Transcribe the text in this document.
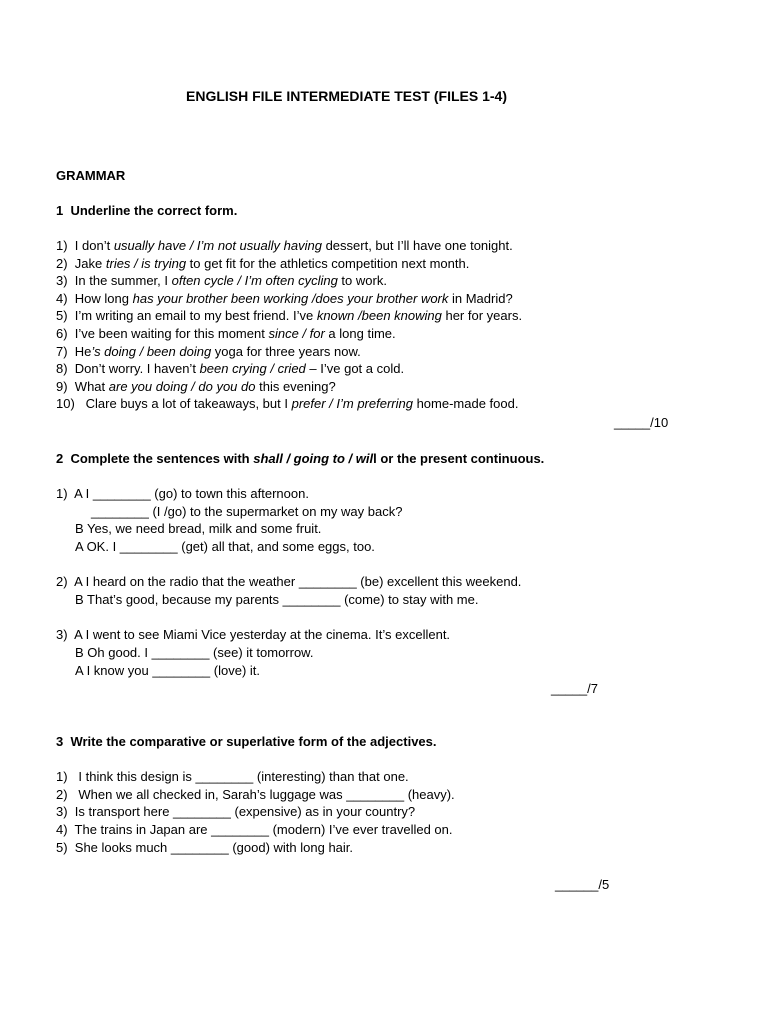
ENGLISH FILE INTERMEDIATE TEST (FILES 1-4)
GRAMMAR
1  Underline the correct form.
1) I don’t usually have / I’m not usually having dessert, but I’ll have one tonight.
2) Jake tries / is trying to get fit for the athletics competition next month.
3) In the summer, I often cycle / I’m often cycling to work.
4) How long has your brother been working /does your brother work in Madrid?
5) I’m writing an email to my best friend. I’ve known /been knowing her for years.
6) I’ve been waiting for this moment since / for a long time.
7) He’s doing / been doing yoga for three years now.
8) Don’t worry. I haven’t been crying / cried – I’ve got a cold.
9) What are you doing / do you do this evening?
10)   Clare buys a lot of takeaways, but I prefer / I’m preferring home-made food.
_____/10
2  Complete the sentences with shall / going to / will or the present continuous.
1)  A I ________ (go) to town this afternoon.
________ (I /go) to the supermarket on my way back?
B Yes, we need bread, milk and some fruit.
A OK. I ________ (get) all that, and some eggs, too.
2)  A I heard on the radio that the weather ________ (be) excellent this weekend.
B That’s good, because my parents ________ (come) to stay with me.
3)  A I went to see Miami Vice yesterday at the cinema. It’s excellent.
B Oh good. I ________ (see) it tomorrow.
A I know you ________ (love) it.
_____/7
3  Write the comparative or superlative form of the adjectives.
1)   I think this design is ________ (interesting) than that one.
2)   When we all checked in, Sarah’s luggage was ________ (heavy).
3)  Is transport here ________ (expensive) as in your country?
4)  The trains in Japan are ________ (modern) I’ve ever travelled on.
5)  She looks much ________ (good) with long hair.
______/5
